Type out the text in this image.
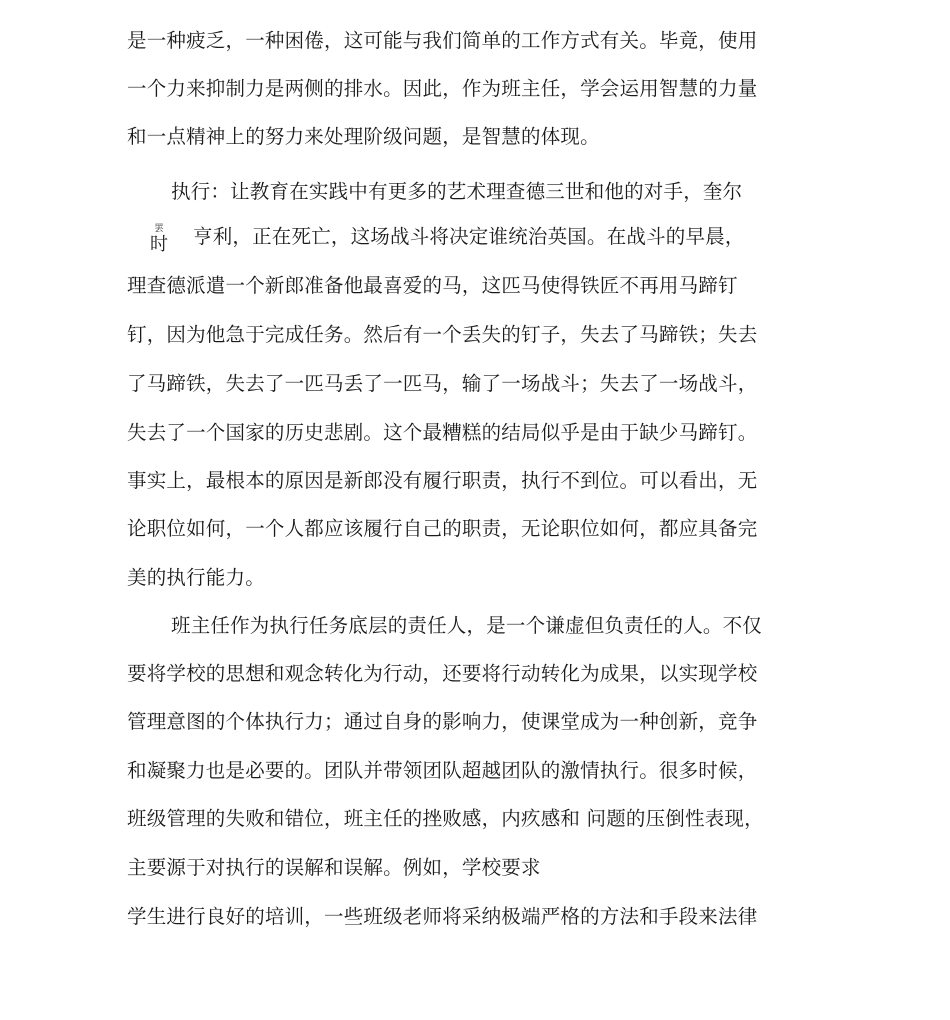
是一种疲乏，一种困倦，这可能与我们简单的工作方式有关。毕竟，使用
一个力来抑制力是两侧的排水。因此，作为班主任，学会运用智慧的力量
和一点精神上的努力来处理阶级问题，是智慧的体现。
执行：让教育在实践中有更多的艺术理查德三世和他的对手，奎尔
罢
时 亨利，正在死亡，这场战斗将决定谁统治英国。在战斗的早晨，
理查德派遣一个新郎准备他最喜爱的马，这匹马使得铁匠不再用马蹄钉
钉，因为他急于完成任务。然后有一个丢失的钉子，失去了马蹄铁；失去
了马蹄铁，失去了一匹马丢了一匹马，输了一场战斗；失去了一场战斗，
失去了一个国家的历史悲剧。这个最糟糕的结局似乎是由于缺少马蹄钉。
事实上，最根本的原因是新郎没有履行职责，执行不到位。可以看出，无
论职位如何，一个人都应该履行自己的职责，无论职位如何，都应具备完
美的执行能力。
班主任作为执行任务底层的责任人，是一个谦虚但负责任的人。不仅
要将学校的思想和观念转化为行动，还要将行动转化为成果，以实现学校
管理意图的个体执行力；通过自身的影响力，使课堂成为一种创新，竞争
和凝聚力也是必要的。团队并带领团队超越团队的激情执行。很多时候，
班级管理的失败和错位，班主任的挫败感，内疚感和 问题的压倒性表现，
主要源于对执行的误解和误解。例如，学校要求
学生进行良好的培训，一些班级老师将采纳极端严格的方法和手段来法律
